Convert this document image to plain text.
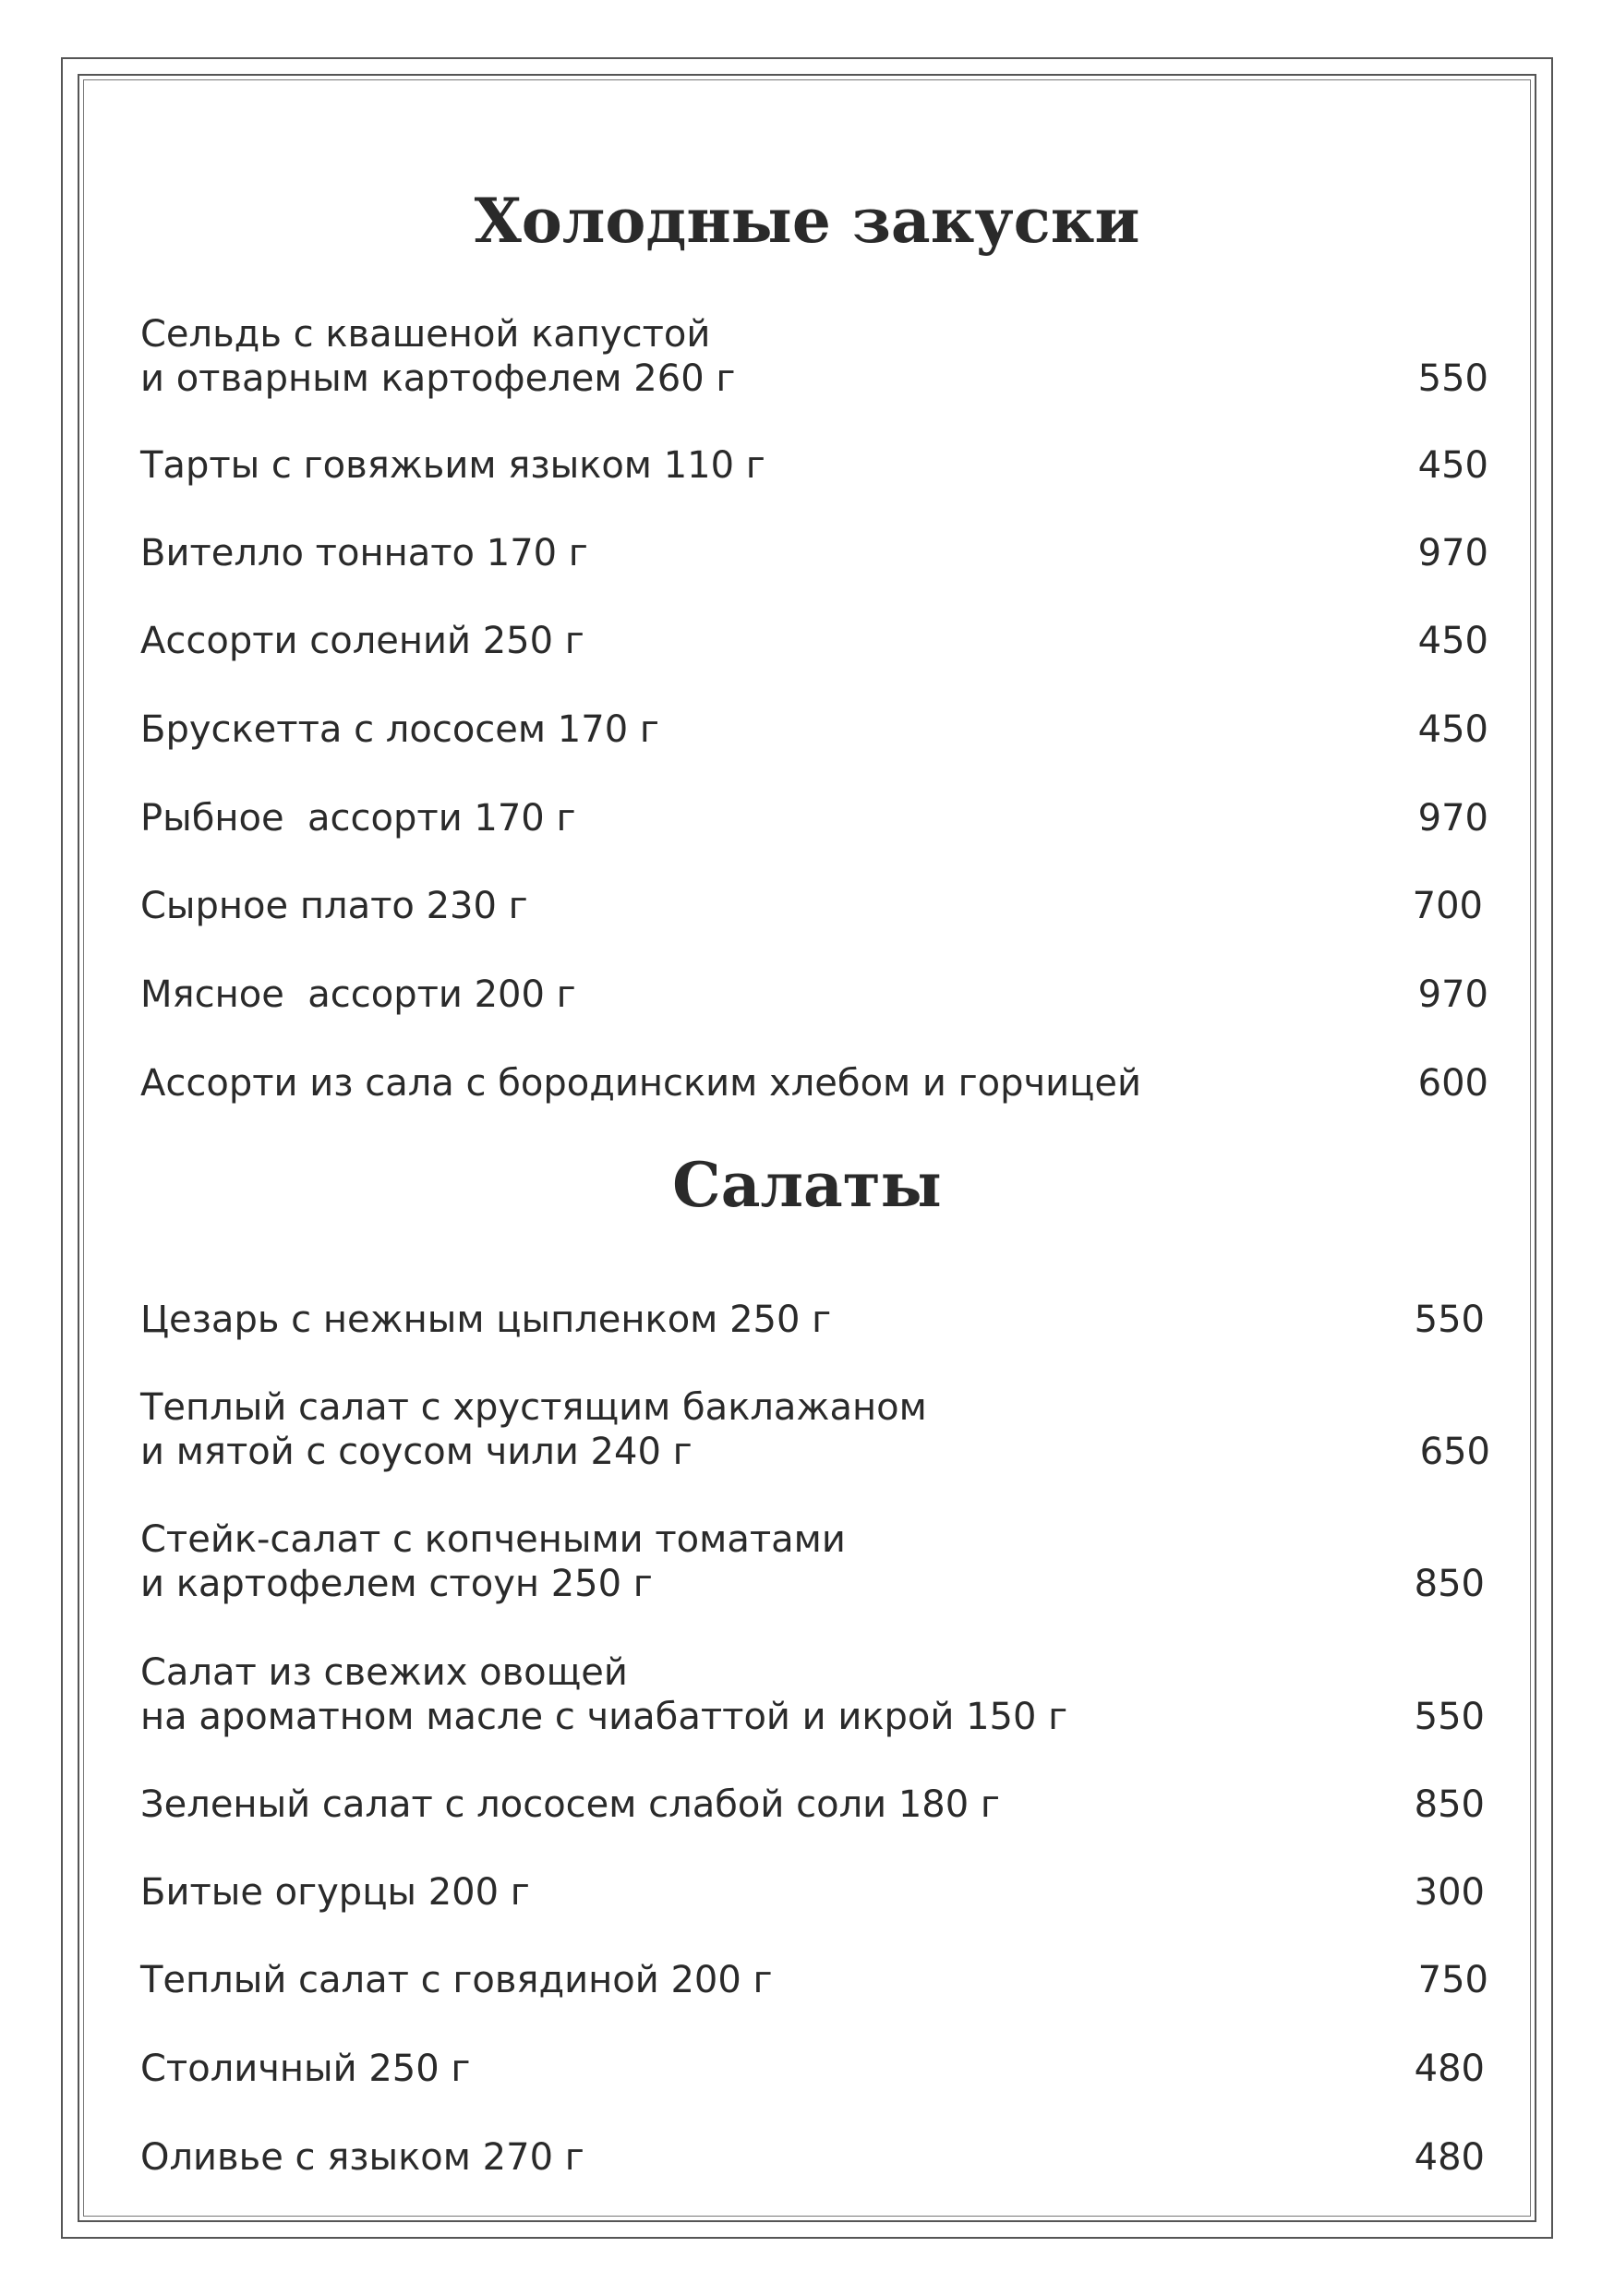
Холодные закуски
Сельдь с квашеной капустой
и отварным картофелем 260 г	550
Тарты с говяжьим языком 110 г	450
Вителло тоннато 170 г	970
Ассорти солений 250 г	450
Брускетта с лососем 170 г	450
Рыбное  ассорти 170 г	970
Сырное плато 230 г	700
Мясное  ассорти 200 г	970
Ассорти из сала с бородинским хлебом и горчицей	600
Салаты
Цезарь с нежным цыпленком 250 г	550
Теплый салат с хрустящим баклажаном
и мятой с соусом чили 240 г	650
Стейк-салат с копчеными томатами
и картофелем стоун 250 г	850
Салат из свежих овощей
на ароматном масле с чиабаттой и икрой 150 г	550
Зеленый салат с лососем слабой соли 180 г	850
Битые огурцы 200 г	300
Теплый салат с говядиной 200 г	750
Столичный 250 г	480
Оливье с языком 270 г	480
